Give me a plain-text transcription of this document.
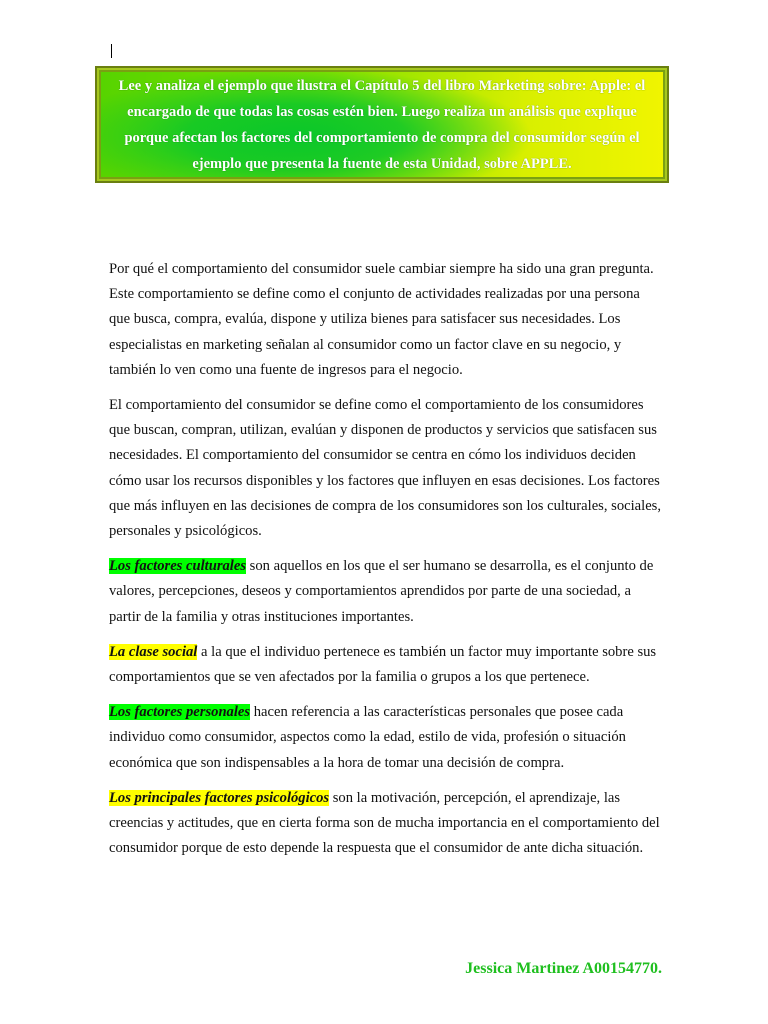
Lee y analiza el ejemplo que ilustra el Capítulo 5 del libro Marketing sobre: Apple: el encargado de que todas las cosas estén bien. Luego realiza un análisis que explique porque afectan los factores del comportamiento de compra del consumidor según el ejemplo que presenta la fuente de esta Unidad, sobre APPLE.

Por qué el comportamiento del consumidor suele cambiar siempre ha sido una gran pregunta. Este comportamiento se define como el conjunto de actividades realizadas por una persona que busca, compra, evalúa, dispone y utiliza bienes para satisfacer sus necesidades. Los especialistas en marketing señalan al consumidor como un factor clave en su negocio, y también lo ven como una fuente de ingresos para el negocio.

El comportamiento del consumidor se define como el comportamiento de los consumidores que buscan, compran, utilizan, evalúan y disponen de productos y servicios que satisfacen sus necesidades. El comportamiento del consumidor se centra en cómo los individuos deciden cómo usar los recursos disponibles y los factores que influyen en esas decisiones. Los factores que más influyen en las decisiones de compra de los consumidores son los culturales, sociales, personales y psicológicos.

Los factores culturales son aquellos en los que el ser humano se desarrolla, es el conjunto de valores, percepciones, deseos y comportamientos aprendidos por parte de una sociedad, a partir de la familia y otras instituciones importantes.

La clase social a la que el individuo pertenece es también un factor muy importante sobre sus comportamientos que se ven afectados por la familia o grupos a los que pertenece.

Los factores personales hacen referencia a las características personales que posee cada individuo como consumidor, aspectos como la edad, estilo de vida, profesión o situación económica que son indispensables a la hora de tomar una decisión de compra.

Los principales factores psicológicos son la motivación, percepción, el aprendizaje, las creencias y actitudes, que en cierta forma son de mucha importancia en el comportamiento del consumidor porque de esto depende la respuesta que el consumidor de ante dicha situación.

Jessica Martinez A00154770.
